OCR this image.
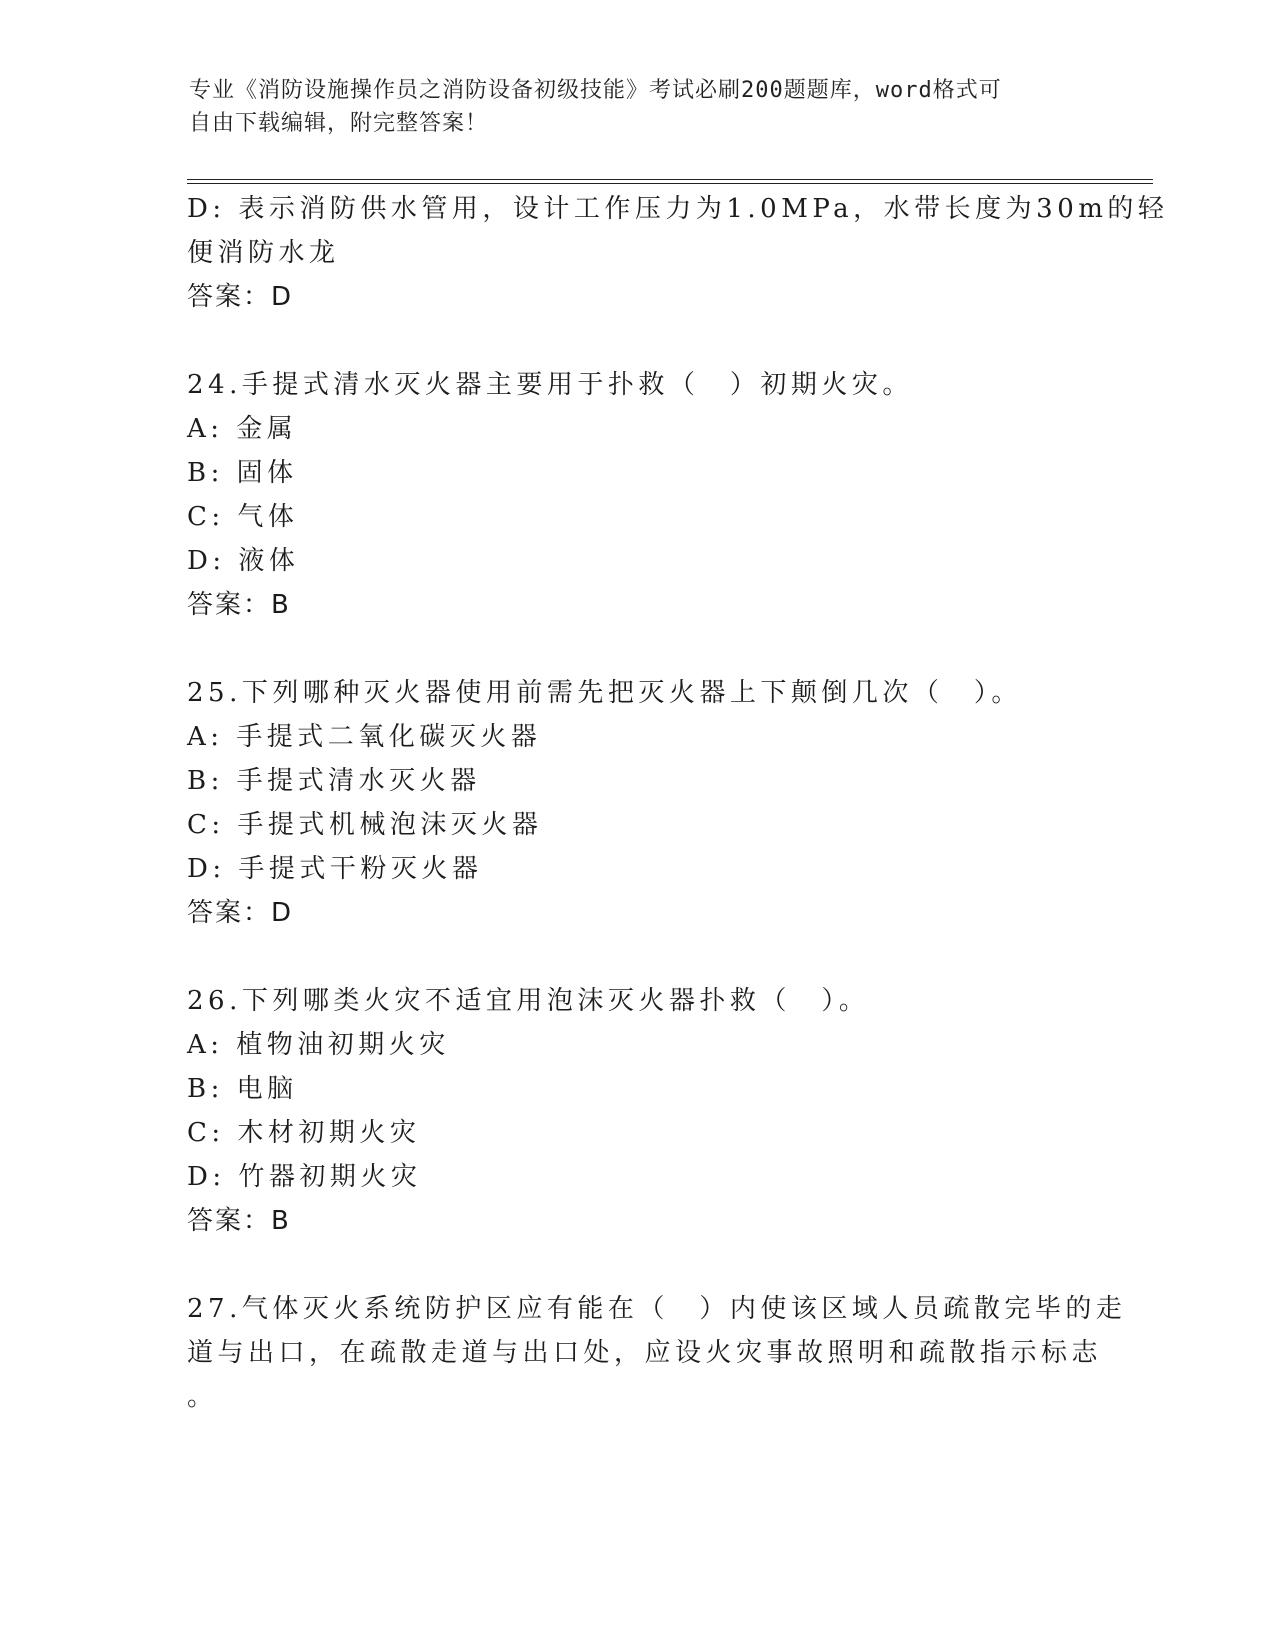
专业《消防设施操作员之消防设备初级技能》考试必刷200题题库，word格式可
自由下载编辑，附完整答案！
D: 表示消防供水管用，设计工作压力为1.0MPa，水带长度为30m的轻
便消防水龙
答案：D
24.手提式清水灭火器主要用于扑救（　）初期火灾。
A: 金属
B: 固体
C: 气体
D: 液体
答案：B
25.下列哪种灭火器使用前需先把灭火器上下颠倒几次（　）。
A: 手提式二氧化碳灭火器
B: 手提式清水灭火器
C: 手提式机械泡沫灭火器
D: 手提式干粉灭火器
答案：D
26.下列哪类火灾不适宜用泡沫灭火器扑救（　）。
A: 植物油初期火灾
B: 电脑
C: 木材初期火灾
D: 竹器初期火灾
答案：B
27.气体灭火系统防护区应有能在（　）内使该区域人员疏散完毕的走
道与出口，在疏散走道与出口处，应设火灾事故照明和疏散指示标志
。
